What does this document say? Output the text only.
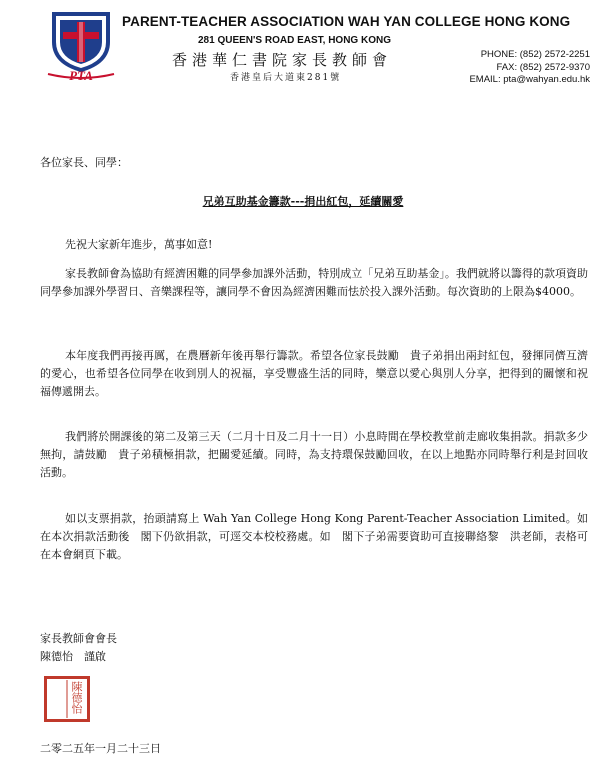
PTA
PARENT-TEACHER ASSOCIATION WAH YAN COLLEGE HONG KONG
281 QUEEN'S ROAD EAST, HONG KONG
香港華仁書院家長教師會
香港皇后大道東281號
PHONE: (852) 2572-2251
FAX: (852) 2572-9370
EMAIL: pta@wahyan.edu.hk
各位家長、同學：
兄弟互助基金籌款---捐出紅包，延續關愛

先祝大家新年進步，萬事如意!

家長教師會為協助有經濟困難的同學參加課外活動，特別成立「兄弟互助基金」。我們就將以籌得的款項資助同學參加課外學習日、音樂課程等，讓同學不會因為經濟困難而怯於投入課外活動。每次資助的上限為$4000。

本年度我們再接再厲，在農曆新年後再舉行籌款。希望各位家長鼓勵　貴子弟捐出兩封紅包，發揮同儕互濟的愛心，也希望各位同學在收到別人的祝福，享受豐盛生活的同時，樂意以愛心與別人分享，把得到的關懷和祝福傳遞開去。

我們將於開課後的第二及第三天（二月十日及二月十一日）小息時間在學校教堂前走廊收集捐款。捐款多少無拘，請鼓勵　貴子弟積極捐款，把關愛延續。同時，為支持環保鼓勵回收，在以上地點亦同時舉行利是封回收活動。

如以支票捐款，抬頭請寫上 Wah Yan College Hong Kong Parent-Teacher Association Limited。如在本次捐款活動後　閣下仍欲捐款，可逕交本校校務處。如　閣下子弟需要資助可直接聯絡黎　洪老師，表格可在本會網頁下載。

家長教師會會長
陳德怡　謹啟
陳德怡
二零二五年一月二十三日
